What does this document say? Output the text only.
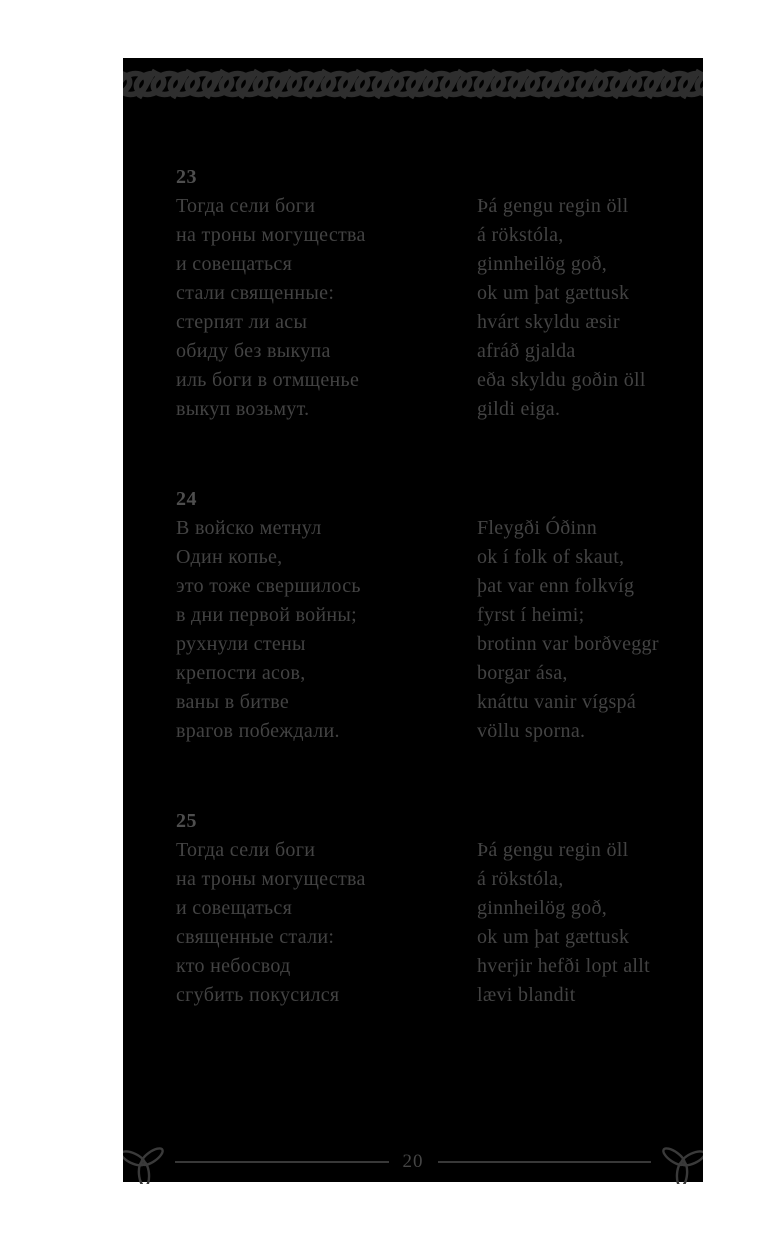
23
Тогда сели боги
на троны могущества
и совещаться
стали священные:
стерпят ли асы
обиду без выкупа
иль боги в отмщенье
выкуп возьмут.
Þá gengu regin öll
á rökstóla,
ginnheilög goð,
ok um þat gættusk
hvárt skyldu æsir
afráð gjalda
eða skyldu goðin öll
gildi eiga.
24
В войско метнул
Один копье,
это тоже свершилось
в дни первой войны;
рухнули стены
крепости асов,
ваны в битве
врагов побеждали.
Fleygði Óðinn
ok í folk of skaut,
þat var enn folkvíg
fyrst í heimi;
brotinn var borðveggr
borgar ása,
knáttu vanir vígspá
völlu sporna.
25
Тогда сели боги
на троны могущества
и совещаться
священные стали:
кто небосвод
сгубить покусился
Þá gengu regin öll
á rökstóla,
ginnheilög goð,
ok um þat gættusk
hverjir hefði lopt allt
lævi blandit
20
